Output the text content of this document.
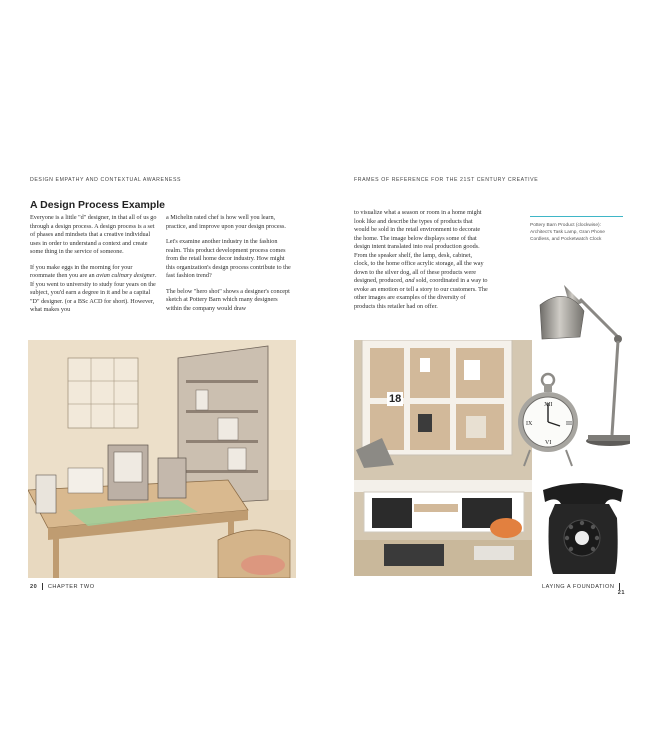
DESIGN EMPATHY AND CONTEXTUAL AWARENESS
A Design Process Example

Everyone is a little "d" designer, in that all of us go through a design process. A design process is a set of phases and mindsets that a creative individual uses in order to understand a context and create some thing in the service of someone.

If you make eggs in the morning for your roommate then you are an avian culinary designer. If you went to university to study four years on the subject, you'd earn a degree in it and be a capital "D" designer. (or a BSc ACD for short). However, what makes you

a Michelin rated chef is how well you learn, practice, and improve upon your design process.

Let's examine another industry in the fashion realm. This product development process comes from the retail home decor industry. How might this organization's design process contribute to the fast fashion trend?

The below "hero shot" shows a designer's concept sketch at Pottery Barn which many designers within the company would draw

20 CHAPTER TWO
FRAMES OF REFERENCE FOR THE 21ST CENTURY CREATIVE

to visualize what a season or room in a home might look like and describe the types of products that would be sold in the retail environment to decorate the home. The image below displays some of that design intent translated into real production goods. From the speaker shelf, the lamp, desk, cabinet, clock, to the home office acrylic storage, all the way down to the silver dog, all of these products were designed, produced, and sold, coordinated in a way to evoke an emotion or tell a story to our customers. The other images are examples of the diversity of products this retailer had on offer.

Pottery Barn Product (clockwise): Architect's Task Lamp, Gran Phone Cordless, and Pocketwatch Clock
18	XII
III
VI
IX
LAYING A FOUNDATION21
